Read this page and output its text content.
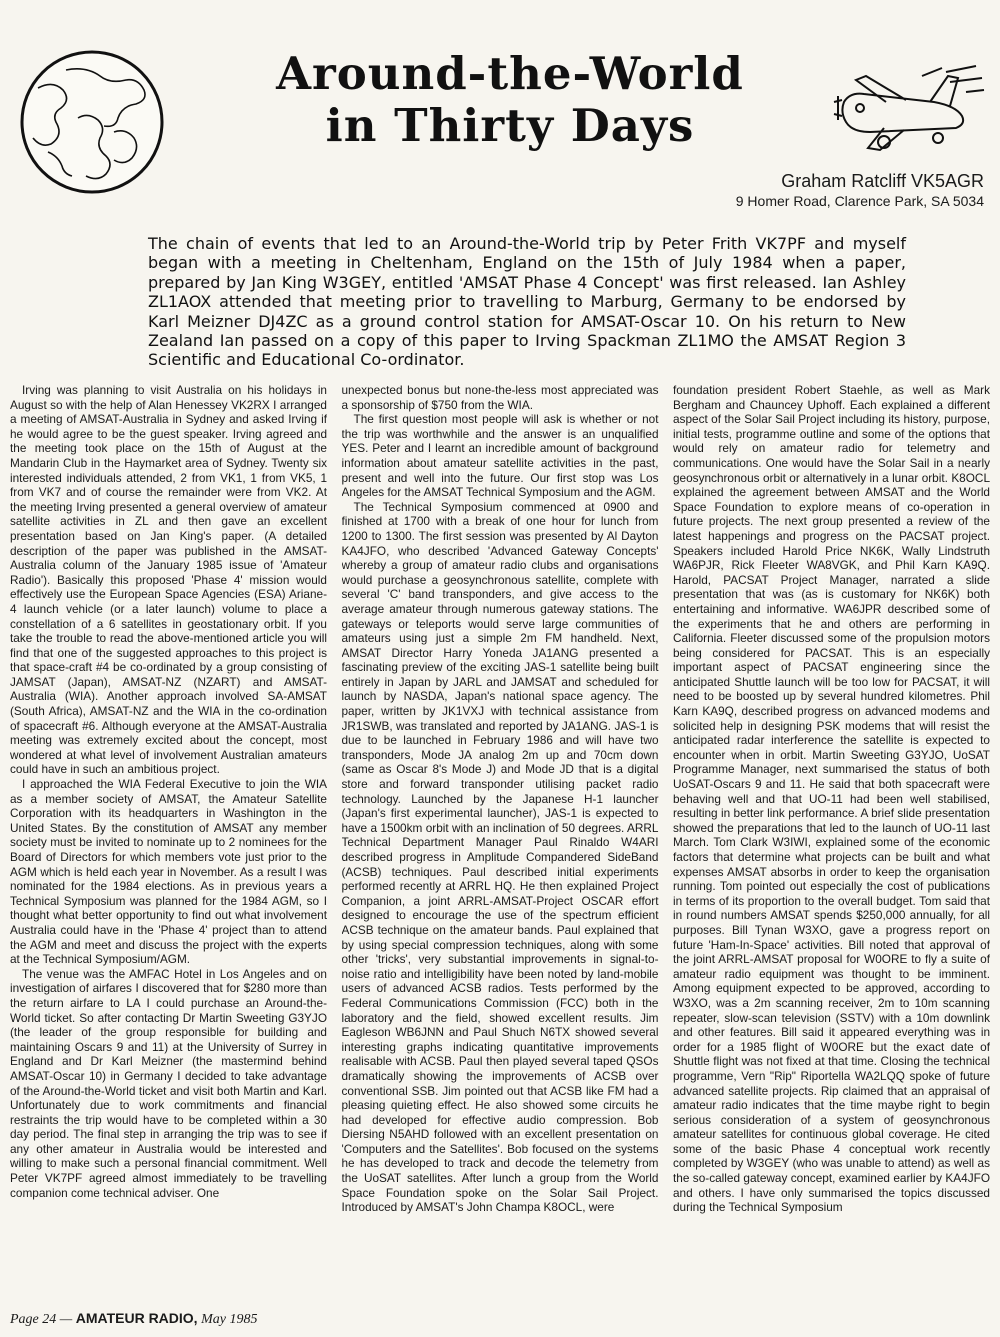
Around-the-World
in Thirty Days
Graham Ratcliff VK5AGR
9 Homer Road, Clarence Park, SA 5034
The chain of events that led to an Around-the-World trip by Peter Frith VK7PF and myself began with a meeting in Cheltenham, England on the 15th of July 1984 when a paper, prepared by Jan King W3GEY, entitled 'AMSAT Phase 4 Concept' was first released. Ian Ashley ZL1AOX attended that meeting prior to travelling to Marburg, Germany to be endorsed by Karl Meizner DJ4ZC as a ground control station for AMSAT-Oscar 10. On his return to New Zealand Ian passed on a copy of this paper to Irving Spackman ZL1MO the AMSAT Region 3 Scientific and Educational Co-ordinator.

Irving was planning to visit Australia on his holidays in August so with the help of Alan Henessey VK2RX I arranged a meeting of AMSAT-Australia in Sydney and asked Irving if he would agree to be the guest speaker. Irving agreed and the meeting took place on the 15th of August at the Mandarin Club in the Haymarket area of Sydney. Twenty six interested individuals attended, 2 from VK1, 1 from VK5, 1 from VK7 and of course the remainder were from VK2. At the meeting Irving presented a general overview of amateur satellite activities in ZL and then gave an excellent presentation based on Jan King's paper. (A detailed description of the paper was published in the AMSAT-Australia column of the January 1985 issue of 'Amateur Radio'). Basically this proposed 'Phase 4' mission would effectively use the European Space Agencies (ESA) Ariane-4 launch vehicle (or a later launch) volume to place a constellation of a 6 satellites in geostationary orbit. If you take the trouble to read the above-mentioned article you will find that one of the suggested approaches to this project is that space-craft #4 be co-ordinated by a group consisting of JAMSAT (Japan), AMSAT-NZ (NZART) and AMSAT-Australia (WIA). Another approach involved SA-AMSAT (South Africa), AMSAT-NZ and the WIA in the co-ordination of spacecraft #6. Although everyone at the AMSAT-Australia meeting was extremely excited about the concept, most wondered at what level of involvement Australian amateurs could have in such an ambitious project.

I approached the WIA Federal Executive to join the WIA as a member society of AMSAT, the Amateur Satellite Corporation with its headquarters in Washington in the United States. By the constitution of AMSAT any member society must be invited to nominate up to 2 nominees for the Board of Directors for which members vote just prior to the AGM which is held each year in November. As a result I was nominated for the 1984 elections. As in previous years a Technical Symposium was planned for the 1984 AGM, so I thought what better opportunity to find out what involvement Australia could have in the 'Phase 4' project than to attend the AGM and meet and discuss the project with the experts at the Technical Symposium/AGM.

The venue was the AMFAC Hotel in Los Angeles and on investigation of airfares I discovered that for $280 more than the return airfare to LA I could purchase an Around-the-World ticket. So after contacting Dr Martin Sweeting G3YJO (the leader of the group responsible for building and maintaining Oscars 9 and 11) at the University of Surrey in England and Dr Karl Meizner (the mastermind behind AMSAT-Oscar 10) in Germany I decided to take advantage of the Around-the-World ticket and visit both Martin and Karl. Unfortunately due to work commitments and financial restraints the trip would have to be completed within a 30 day period. The final step in arranging the trip was to see if any other amateur in Australia would be interested and willing to make such a personal financial commitment. Well Peter VK7PF agreed almost immediately to be travelling companion come technical adviser. One

unexpected bonus but none-the-less most appreciated was a sponsorship of $750 from the WIA.

The first question most people will ask is whether or not the trip was worthwhile and the answer is an unqualified YES. Peter and I learnt an incredible amount of background information about amateur satellite activities in the past, present and well into the future. Our first stop was Los Angeles for the AMSAT Technical Symposium and the AGM.

The Technical Symposium commenced at 0900 and finished at 1700 with a break of one hour for lunch from 1200 to 1300. The first session was presented by Al Dayton KA4JFO, who described 'Advanced Gateway Concepts' whereby a group of amateur radio clubs and organisations would purchase a geosynchronous satellite, complete with several 'C' band transponders, and give access to the average amateur through numerous gateway stations. The gateways or teleports would serve large communities of amateurs using just a simple 2m FM handheld. Next, AMSAT Director Harry Yoneda JA1ANG presented a fascinating preview of the exciting JAS-1 satellite being built entirely in Japan by JARL and JAMSAT and scheduled for launch by NASDA, Japan's national space agency. The paper, written by JK1VXJ with technical assistance from JR1SWB, was translated and reported by JA1ANG. JAS-1 is due to be launched in February 1986 and will have two transponders, Mode JA analog 2m up and 70cm down (same as Oscar 8's Mode J) and Mode JD that is a digital store and forward transponder utilising packet radio technology. Launched by the Japanese H-1 launcher (Japan's first experimental launcher), JAS-1 is expected to have a 1500km orbit with an inclination of 50 degrees. ARRL Technical Department Manager Paul Rinaldo W4ARI described progress in Amplitude Compandered SideBand (ACSB) techniques. Paul described initial experiments performed recently at ARRL HQ. He then explained Project Companion, a joint ARRL-AMSAT-Project OSCAR effort designed to encourage the use of the spectrum efficient ACSB technique on the amateur bands. Paul explained that by using special compression techniques, along with some other 'tricks', very substantial improvements in signal-to-noise ratio and intelligibility have been noted by land-mobile users of advanced ACSB radios. Tests performed by the Federal Communications Commission (FCC) both in the laboratory and the field, showed excellent results. Jim Eagleson WB6JNN and Paul Shuch N6TX showed several interesting graphs indicating quantitative improvements realisable with ACSB. Paul then played several taped QSOs dramatically showing the improvements of ACSB over conventional SSB. Jim pointed out that ACSB like FM had a pleasing quieting effect. He also showed some circuits he had developed for effective audio compression. Bob Diersing N5AHD followed with an excellent presentation on 'Computers and the Satellites'. Bob focused on the systems he has developed to track and decode the telemetry from the UoSAT satellites. After lunch a group from the World Space Foundation spoke on the Solar Sail Project. Introduced by AMSAT's John Champa K8OCL, were

foundation president Robert Staehle, as well as Mark Bergham and Chauncey Uphoff. Each explained a different aspect of the Solar Sail Project including its history, purpose, initial tests, programme outline and some of the options that would rely on amateur radio for telemetry and communications. One would have the Solar Sail in a nearly geosynchronous orbit or alternatively in a lunar orbit. K8OCL explained the agreement between AMSAT and the World Space Foundation to explore means of co-operation in future projects. The next group presented a review of the latest happenings and progress on the PACSAT project. Speakers included Harold Price NK6K, Wally Lindstruth WA6PJR, Rick Fleeter WA8VGK, and Phil Karn KA9Q. Harold, PACSAT Project Manager, narrated a slide presentation that was (as is customary for NK6K) both entertaining and informative. WA6JPR described some of the experiments that he and others are performing in California. Fleeter discussed some of the propulsion motors being considered for PACSAT. This is an especially important aspect of PACSAT engineering since the anticipated Shuttle launch will be too low for PACSAT, it will need to be boosted up by several hundred kilometres. Phil Karn KA9Q, described progress on advanced modems and solicited help in designing PSK modems that will resist the anticipated radar interference the satellite is expected to encounter when in orbit. Martin Sweeting G3YJO, UoSAT Programme Manager, next summarised the status of both UoSAT-Oscars 9 and 11. He said that both spacecraft were behaving well and that UO-11 had been well stabilised, resulting in better link performance. A brief slide presentation showed the preparations that led to the launch of UO-11 last March. Tom Clark W3IWI, explained some of the economic factors that determine what projects can be built and what expenses AMSAT absorbs in order to keep the organisation running. Tom pointed out especially the cost of publications in terms of its proportion to the overall budget. Tom said that in round numbers AMSAT spends $250,000 annually, for all purposes. Bill Tynan W3XO, gave a progress report on future 'Ham-In-Space' activities. Bill noted that approval of the joint ARRL-AMSAT proposal for W0ORE to fly a suite of amateur radio equipment was thought to be imminent. Among equipment expected to be approved, according to W3XO, was a 2m scanning receiver, 2m to 10m scanning repeater, slow-scan television (SSTV) with a 10m downlink and other features. Bill said it appeared everything was in order for a 1985 flight of W0ORE but the exact date of Shuttle flight was not fixed at that time. Closing the technical programme, Vern "Rip" Riportella WA2LQQ spoke of future advanced satellite projects. Rip claimed that an appraisal of amateur radio indicates that the time maybe right to begin serious consideration of a system of geosynchronous amateur satellites for continuous global coverage. He cited some of the basic Phase 4 conceptual work recently completed by W3GEY (who was unable to attend) as well as the so-called gateway concept, examined earlier by KA4JFO and others. I have only summarised the topics discussed during the Technical Symposium

Page 24 — AMATEUR RADIO, May 1985
